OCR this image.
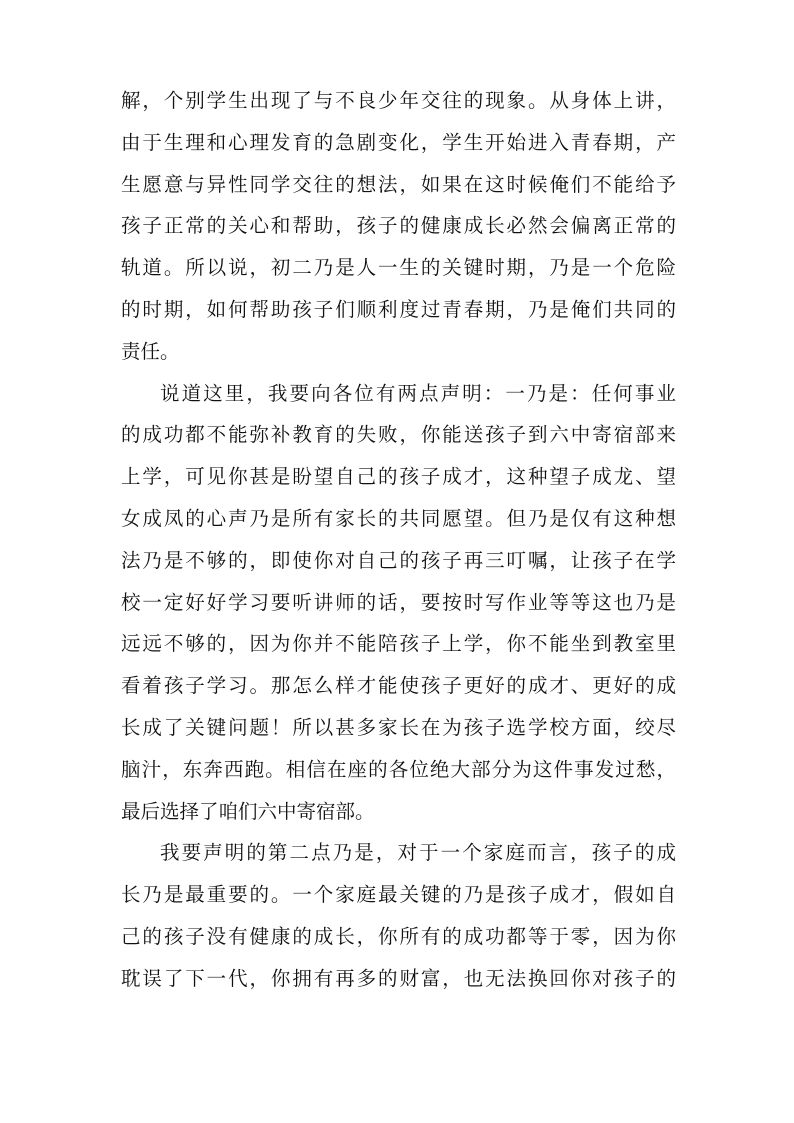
解，个别学生出现了与不良少年交往的现象。从身体上讲，
由于生理和心理发育的急剧变化，学生开始进入青春期，产
生愿意与异性同学交往的想法，如果在这时候俺们不能给予
孩子正常的关心和帮助，孩子的健康成长必然会偏离正常的
轨道。所以说，初二乃是人一生的关键时期，乃是一个危险
的时期，如何帮助孩子们顺利度过青春期，乃是俺们共同的
责任。
说道这里，我要向各位有两点声明：一乃是：任何事业
的成功都不能弥补教育的失败，你能送孩子到六中寄宿部来
上学，可见你甚是盼望自己的孩子成才，这种望子成龙、望
女成凤的心声乃是所有家长的共同愿望。但乃是仅有这种想
法乃是不够的，即使你对自己的孩子再三叮嘱，让孩子在学
校一定好好学习要听讲师的话，要按时写作业等等这也乃是
远远不够的，因为你并不能陪孩子上学，你不能坐到教室里
看着孩子学习。那怎么样才能使孩子更好的成才、更好的成
长成了关键问题！所以甚多家长在为孩子选学校方面，绞尽
脑汁，东奔西跑。相信在座的各位绝大部分为这件事发过愁，
最后选择了咱们六中寄宿部。
我要声明的第二点乃是，对于一个家庭而言，孩子的成
长乃是最重要的。一个家庭最关键的乃是孩子成才，假如自
己的孩子没有健康的成长，你所有的成功都等于零，因为你
耽误了下一代，你拥有再多的财富，也无法换回你对孩子的
